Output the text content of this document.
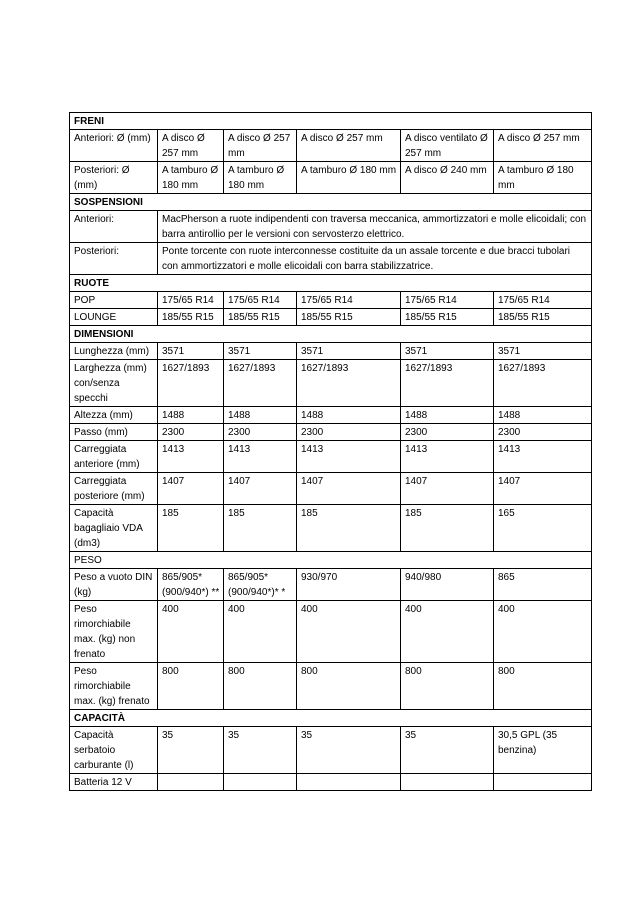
FRENI					
Anteriori: Ø (mm)	A disco Ø 257 mm	A disco Ø 257 mm	A disco Ø 257 mm	A disco ventilato Ø 257 mm	A disco Ø 257 mm
Posteriori: Ø (mm)	A tamburo Ø 180 mm	A tamburo Ø 180 mm	A tamburo Ø 180 mm	A disco Ø 240 mm	A tamburo Ø 180 mm
SOSPENSIONI					
Anteriori:	MacPherson a ruote indipendenti con traversa meccanica, ammortizzatori e molle elicoidali; con barra antirollio per le versioni con servosterzo elettrico.				
Posteriori:	Ponte torcente con ruote interconnesse costituite da un assale torcente e due bracci tubolari con ammortizzatori e molle elicoidali con barra stabilizzatrice.				
RUOTE					
POP	175/65 R14	175/65 R14	175/65 R14	175/65 R14	175/65 R14
LOUNGE	185/55 R15	185/55 R15	185/55 R15	185/55 R15	185/55 R15
DIMENSIONI					
Lunghezza (mm)	3571	3571	3571	3571	3571
Larghezza (mm) con/senza specchi	1627/1893	1627/1893	1627/1893	1627/1893	1627/1893
Altezza (mm)	1488	1488	1488	1488	1488
Passo (mm)	2300	2300	2300	2300	2300
Carreggiata anteriore (mm)	1413	1413	1413	1413	1413
Carreggiata posteriore (mm)	1407	1407	1407	1407	1407
Capacità bagagliaio VDA (dm3)	185	185	185	185	165
PESO					
Peso a vuoto DIN (kg)	865/905* (900/940*) **	865/905* (900/940*)* *	930/970	940/980	865
Peso rimorchiabile max. (kg) non frenato	400	400	400	400	400
Peso rimorchiabile max. (kg) frenato	800	800	800	800	800
CAPACITÀ					
Capacità serbatoio carburante (l)	35	35	35	35	30,5 GPL (35 benzina)
Batteria 12 V					
